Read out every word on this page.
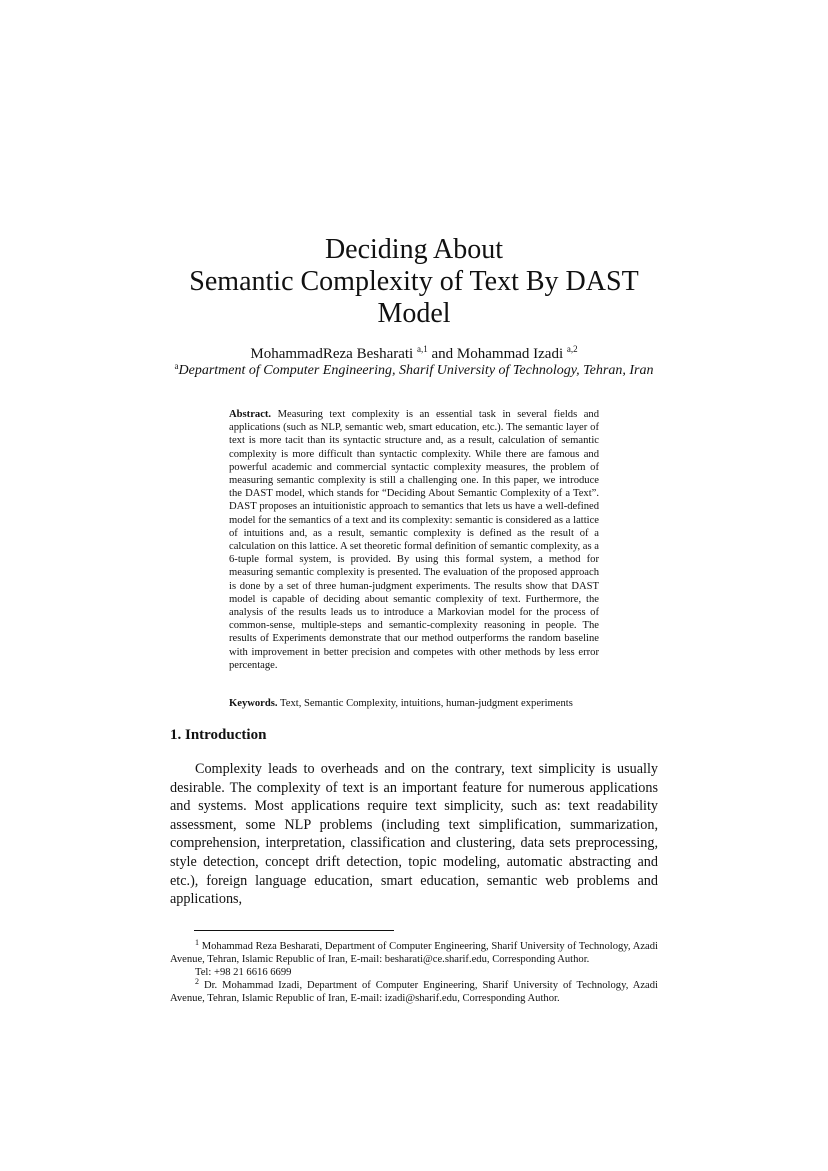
Deciding About
Semantic Complexity of Text By DAST
Model
MohammadReza Besharati $^{a,1}$ and Mohammad Izadi $^{a,2}$
$^a$Department of Computer Engineering, Sharif University of Technology, Tehran, Iran

Abstract. Measuring text complexity is an essential task in several fields and applications (such as NLP, semantic web, smart education, etc.). The semantic layer of text is more tacit than its syntactic structure and, as a result, calculation of semantic complexity is more difficult than syntactic complexity. While there are famous and powerful academic and commercial syntactic complexity measures, the problem of measuring semantic complexity is still a challenging one. In this paper, we introduce the DAST model, which stands for “Deciding About Semantic Complexity of a Text”. DAST proposes an intuitionistic approach to semantics that lets us have a well-defined model for the semantics of a text and its complexity: semantic is considered as a lattice of intuitions and, as a result, semantic complexity is defined as the result of a calculation on this lattice. A set theoretic formal definition of semantic complexity, as a 6-tuple formal system, is provided. By using this formal system, a method for measuring semantic complexity is presented. The evaluation of the proposed approach is done by a set of three human-judgment experiments. The results show that DAST model is capable of deciding about semantic complexity of text. Furthermore, the analysis of the results leads us to introduce a Markovian model for the process of common-sense, multiple-steps and semantic-complexity reasoning in people. The results of Experiments demonstrate that our method outperforms the random baseline with improvement in better precision and competes with other methods by less error percentage.

Keywords. Text, Semantic Complexity, intuitions, human-judgment experiments

1. Introduction

Complexity leads to overheads and on the contrary, text simplicity is usually desirable. The complexity of text is an important feature for numerous applications and systems. Most applications require text simplicity, such as: text readability assessment, some NLP problems (including text simplification, summarization, comprehension, interpretation, classification and clustering, data sets preprocessing, style detection, concept drift detection, topic modeling, automatic abstracting and etc.), foreign language education, smart education, semantic web problems and applications,

$^1$ Mohammad Reza Besharati, Department of Computer Engineering, Sharif University of Technology, Azadi Avenue, Tehran, Islamic Republic of Iran, E-mail: besharati@ce.sharif.edu, Corresponding Author.

Tel: +98 21 6616 6699

$^2$ Dr. Mohammad Izadi, Department of Computer Engineering, Sharif University of Technology, Azadi Avenue, Tehran, Islamic Republic of Iran, E-mail: izadi@sharif.edu, Corresponding Author.
